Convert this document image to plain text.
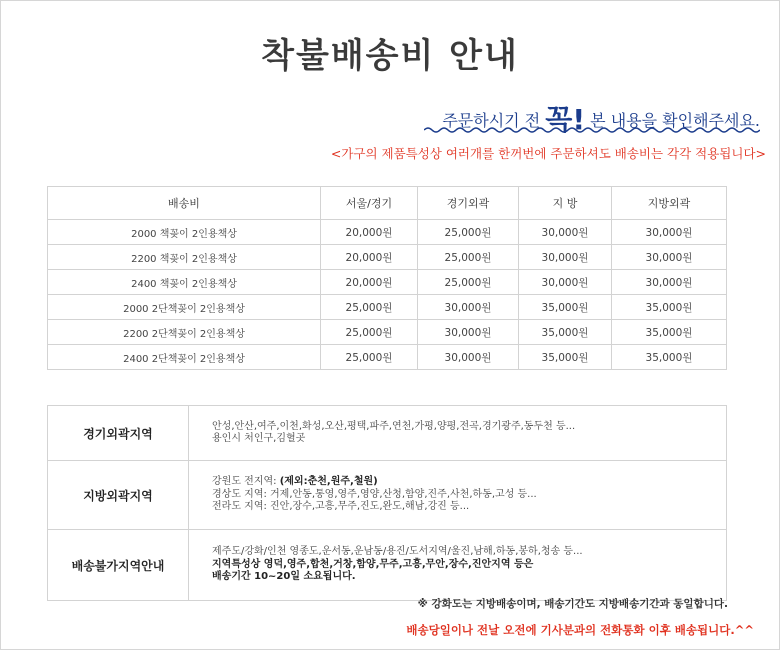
착불배송비 안내
주문하시기 전 꼭! 본 내용을 확인해주세요.
<가구의 제품특성상 여러개를 한꺼번에 주문하셔도 배송비는 각각 적용됩니다>
배송비	서울/경기	경기외곽	지 방	지방외곽
2000 책꽂이 2인용책상	20,000원	25,000원	30,000원	30,000원
2200 책꽂이 2인용책상	20,000원	25,000원	30,000원	30,000원
2400 책꽂이 2인용책상	20,000원	25,000원	30,000원	30,000원
2000 2단책꽂이 2인용책상	25,000원	30,000원	35,000원	35,000원
2200 2단책꽂이 2인용책상	25,000원	30,000원	35,000원	35,000원
2400 2단책꽂이 2인용책상	25,000원	30,000원	35,000원	35,000원
경기외곽지역	안성,안산,여주,이천,화성,오산,평택,파주,연천,가평,양평,전곡,경기광주,동두천 등...
용인시 처인구,김혈곳

지방외곽지역	강원도 전지역: (제외:춘천,원주,철원)
경상도 지역: 거제,안동,통영,영주,영양,산청,함양,진주,사천,하동,고성 등...
전라도 지역: 진안,장수,고흥,무주,진도,완도,해남,강진 등...

배송불가지역안내	제주도/강화/인천 영종도,운서동,운남동/용진/도서지역/울진,남해,하동,봉하,청송 등...
지역특성상 영덕,영주,합천,거창,함양,무주,고흥,무안,장수,진안지역 등은
배송기간 10~20일 소요됩니다.
※ 강화도는 지방배송이며, 배송기간도 지방배송기간과 동일합니다.
배송당일이나 전날 오전에 기사분과의 전화통화 이후 배송됩니다.^^
